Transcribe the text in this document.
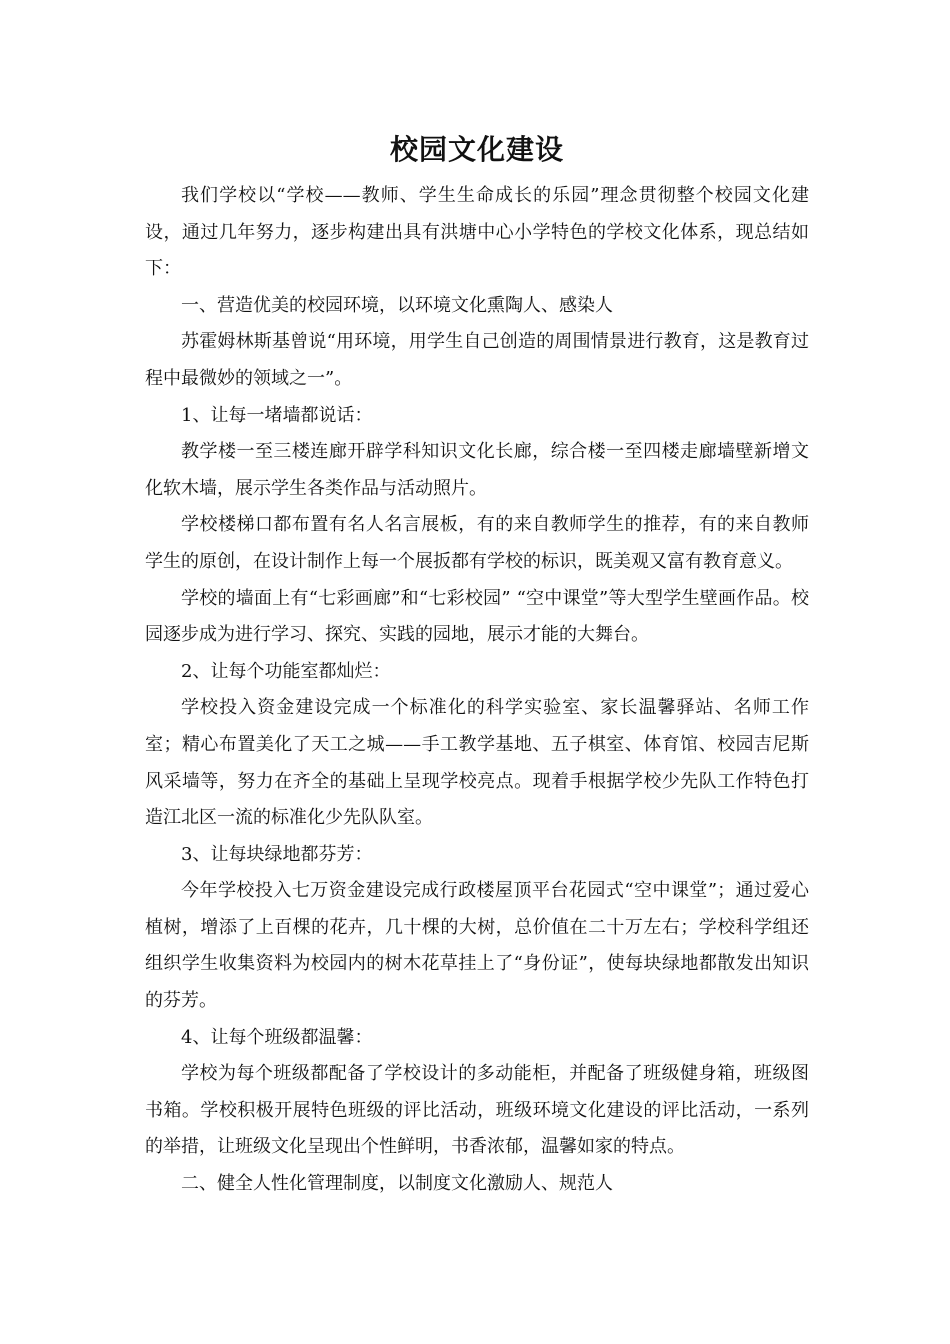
校园文化建设

我们学校以“学校——教师、学生生命成长的乐园”理念贯彻整个校园文化建设，通过几年努力，逐步构建出具有洪塘中心小学特色的学校文化体系，现总结如下：

一、营造优美的校园环境，以环境文化熏陶人、感染人

苏霍姆林斯基曾说“用环境，用学生自己创造的周围情景进行教育，这是教育过程中最微妙的领域之一”。

1、让每一堵墙都说话：

教学楼一至三楼连廊开辟学科知识文化长廊，综合楼一至四楼走廊墙壁新增文化软木墙，展示学生各类作品与活动照片。

学校楼梯口都布置有名人名言展板，有的来自教师学生的推荐，有的来自教师学生的原创，在设计制作上每一个展扳都有学校的标识，既美观又富有教育意义。

学校的墙面上有“七彩画廊”和“七彩校园” “空中课堂”等大型学生壁画作品。校园逐步成为进行学习、探究、实践的园地，展示才能的大舞台。

2、让每个功能室都灿烂：

学校投入资金建设完成一个标准化的科学实验室、家长温馨驿站、名师工作室；精心布置美化了天工之城——手工教学基地、五子棋室、体育馆、校园吉尼斯风采墙等，努力在齐全的基础上呈现学校亮点。现着手根据学校少先队工作特色打造江北区一流的标准化少先队队室。

3、让每块绿地都芬芳：

今年学校投入七万资金建设完成行政楼屋顶平台花园式“空中课堂”；通过爱心植树，增添了上百棵的花卉，几十棵的大树，总价值在二十万左右；学校科学组还组织学生收集资料为校园内的树木花草挂上了“身份证”，使每块绿地都散发出知识的芬芳。

4、让每个班级都温馨：

学校为每个班级都配备了学校设计的多动能柜，并配备了班级健身箱，班级图书箱。学校积极开展特色班级的评比活动，班级环境文化建设的评比活动，一系列的举措，让班级文化呈现出个性鲜明，书香浓郁，温馨如家的特点。

二、健全人性化管理制度，以制度文化激励人、规范人
